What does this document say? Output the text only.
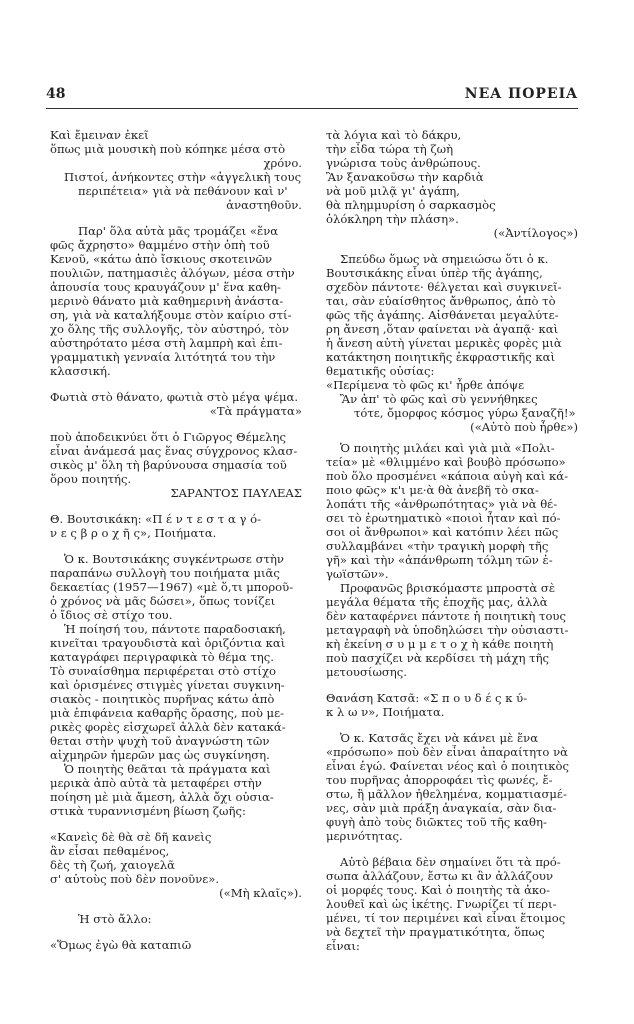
48	ΝΕΑ ΠΟΡΕΙΑ
Καὶ ἔμειναν ἐκεῖ
ὅπως μιὰ μουσικὴ ποὺ κόπηκε μέσα στὸ
χρόνο.
Πιστοί, ἀνήκοντες στὴν «ἀγγελικὴ τους
περιπέτεια» γιὰ νὰ πεθάνουν καὶ ν'
ἀναστηθοῦν.
Παρ' ὅλα αὐτὰ μᾶς τρομάζει «ἕνα
φῶς ἄχρηστο» θαμμένο στὴν ὀπὴ τοῦ
Κενοῦ, «κάτω ἀπὸ ἴσκιους σκοτεινῶν
πουλιῶν, πατημασιὲς ἀλόγων, μέσα στὴν
ἀπουσία τους κραυγάζουν μ' ἕνα καθη-
μερινὸ θάνατο μιὰ καθημερινὴ ἀνάστα-
ση, γιὰ νὰ καταλήξουμε στὸν καίριο στί-
χο ὅλης τῆς συλλογῆς, τὸν αὐστηρό, τὸν
αὐστηρότατο μέσα στὴ λαμπρὴ καὶ ἐπι-
γραμματικὴ γενναία λιτότητά του τὴν
κλασσική.
Φωτιὰ στὸ θάνατο, φωτιὰ στὸ μέγα ψέμα.
«Τὰ πράγματα»
ποὺ ἀποδεικνύει ὅτι ὁ Γιῶργος Θέμελης
εἶναι ἀνάμεσά μας ἕνας σύγχρονος κλασ-
σικὸς μ' ὅλη τὴ βαρύνουσα σημασία τοῦ
ὅρου ποιητής.
ΣΑΡΑΝΤΟΣ ΠΑΥΛΕΑΣ
Θ. Βουτσικάκη: «Π έ ν τ ε σ τ α γ ό-
ν ε ς β ρ ο χ ῆ ς», Ποιήματα.
Ὁ κ. Βουτσικάκης συγκέντρωσε στὴν
παραπάνω συλλογὴ του ποιήματα μιᾶς
δεκαετίας (1957—1967) «μὲ ὅ,τι μποροῦ-
ὁ χρόνος νὰ μᾶς δώσει», ὅπως τονίζει
ὁ ἴδιος σὲ στίχο του.
Ἡ ποίησή του, πάντοτε παραδοσιακή,
κινεῖται τραγουδιστὰ καὶ ὁριζόντια καὶ
καταγράφει περιγραφικὰ τὸ θέμα της.
Τὸ συναίσθημα περιφέρεται στὸ στίχο
καὶ ὁρισμένες στιγμὲς γίνεται συγκινη-
σιακὸς - ποιητικὸς πυρῆνας κάτω ἀπὸ
μιὰ ἐπιφάνεια καθαρῆς ὅρασης, ποὺ με-
ρικὲς φορὲς εἰσχωρεῖ ἀλλὰ δὲν κατακά-
θεται στὴν ψυχὴ τοῦ ἀναγνώστη τῶν
αἰχμηρῶν ἡμερῶν μας ὡς συγκίνηση.
Ὁ ποιητὴς θεᾶται τὰ πράγματα καὶ
μερικὰ ἀπὸ αὐτὰ τὰ μεταφέρει στὴν
ποίηση μὲ μιὰ ἄμεση, ἀλλὰ ὄχι οὐσια-
στικὰ τυραννισμένη βίωση ζωῆς:
«Κανεὶς δὲ θὰ σὲ δῆ κανεὶς
ἂν εἶσαι πεθαμένος,
δὲς τὴ ζωή, χαιογελᾶ
σ' αὐτοὺς ποὺ δὲν πονοῦνε».
(«Μὴ κλαῖς»).
Ἡ στὸ ἄλλο:
«Ὅμως ἐγὼ θὰ καταπιῶ
τὰ λόγια καὶ τὸ δάκρυ,
τὴν εἶδα τώρα τὴ ζωὴ
γνώρισα τοὺς ἀνθρώπους.
Ἂν ξανακοῦσω τὴν καρδιὰ
νὰ μοῦ μιλᾷ γι' ἀγάπη,
θὰ πλημμυρίση ὁ σαρκασμὸς
ὁλόκληρη τὴν πλάση».
(«Ἀντίλογος»)
Σπεύδω ὅμως νὰ σημειώσω ὅτι ὁ κ.
Βουτσικάκης εἶναι ὑπὲρ τῆς ἀγάπης,
σχεδὸν πάντοτε· θέλγεται καὶ συγκινεῖ-
ται, σὰν εὐαίσθητος ἄνθρωπος, ἀπὸ τὸ
φῶς τῆς ἀγάπης. Αἰσθάνεται μεγαλύτε-
ρη ἄνεση ,ὅταν φαίνεται νὰ ἀγαπᾷ· καὶ
ἡ ἄνεση αὐτὴ γίνεται μερικὲς φορὲς μιὰ
κατάκτηση ποιητικῆς ἐκφραστικῆς καὶ
θεματικῆς οὐσίας:
«Περίμενα τὸ φῶς κι' ἦρθε ἀπόψε
Ἂν ἀπ' τὸ φῶς καὶ σὺ γεννήθηκες
τότε, ὄμορφος κόσμος γύρω ξαναζῆ!»
(«Αὐτὸ ποὺ ἦρθε»)
Ὁ ποιητὴς μιλάει καὶ γιὰ μιὰ «Πολι-
τεία» μὲ «θλιμμένο καὶ βουβὸ πρόσωπο»
ποὺ ὅλο προσμένει «κάποια αὐγὴ καὶ κά-
ποιο φῶς» κ'ι με·ὰ θὰ ἀνεβῆ τὸ σκα-
λοπάτι τῆς «ἀνθρωπότητας» γιὰ νὰ θέ-
σει τὸ ἐρωτηματικὸ «ποιοὶ ἦταν καὶ πό-
σοι οἱ ἄνθρωποι» καὶ κατόπιν λέει πῶς
συλλαμβάνει «τὴν τραγικὴ μορφὴ τῆς
γῆ» καὶ τὴν «ἀπάνθρωπη τόλμη τῶν ἐ-
γωϊστῶν».
Προφανῶς βρισκόμαστε μπροστὰ σὲ
μεγάλα θέματα τῆς ἐποχῆς μας, ἀλλὰ
δὲν καταφέρνει πάντοτε ἡ ποιητικὴ τους
μεταγραφὴ νὰ ὑποδηλώσει τὴν οὐσιαστι-
κὴ ἐκείνη σ υ μ μ ε τ ο χ ὴ κάθε ποιητὴ
ποὺ πασχίζει νὰ κερδίσει τὴ μάχη τῆς
μετουσίωσης.
Θανάση Κατσᾶ: «Σ π ο υ δ έ ς κ ύ-
κ λ ω ν», Ποιήματα.
Ὁ κ. Κατσᾶς ἔχει νὰ κάνει μὲ ἕνα
«πρόσωπο» ποὺ δὲν εἶναι ἀπαραίτητο νὰ
εἶναι ἐγώ. Φαίνεται νέος καὶ ὁ ποιητικὸς
του πυρῆνας ἀπορροφάει τὶς φωνές, ἔ-
στω, ἢ μᾶλλον ἠθελημένα, κομματιασμέ-
νες, σὰν μιὰ πράξη ἀναγκαία, σὰν δια-
φυγὴ ἀπὸ τοὺς διῶκτες τοῦ τῆς καθη-
μερινότητας.
Αὐτὸ βέβαια δὲν σημαίνει ὅτι τὰ πρό-
σωπα ἀλλάζουν, ἔστω κι ἂν ἀλλάζουν
οἱ μορφές τους. Καὶ ὁ ποιητὴς τὰ ἀκο-
λουθεῖ καὶ ὡς ἱκέτης. Γνωρίζει τί περι-
μένει, τί τον περιμένει καὶ εἶναι ἕτοιμος
νὰ δεχτεῖ τὴν πραγματικότητα, ὅπως
εἶναι:
